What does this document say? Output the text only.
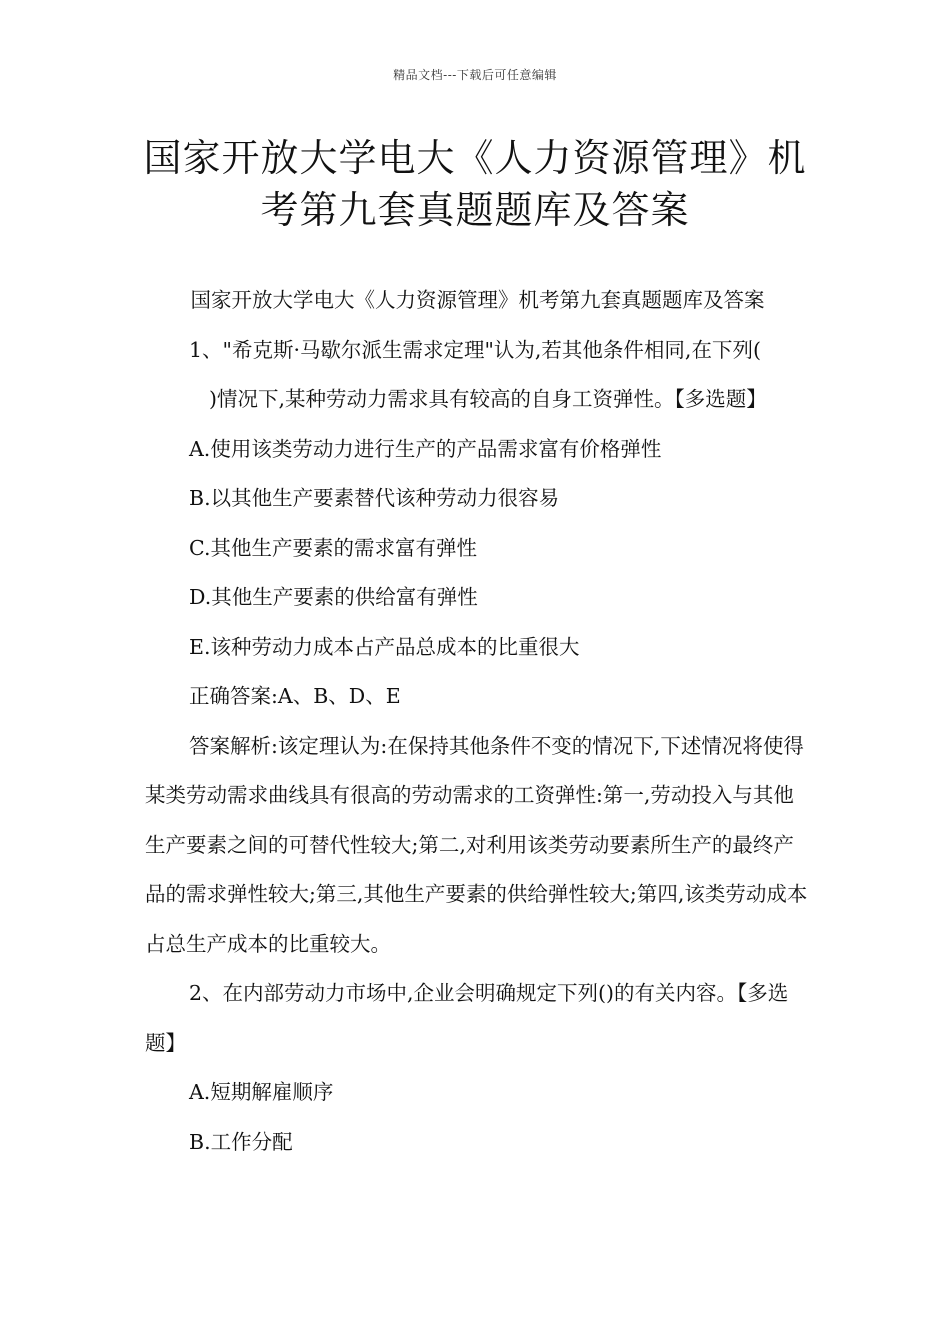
精品文档---下载后可任意编辑
国家开放大学电大《人力资源管理》机
考第九套真题题库及答案

国家开放大学电大《人力资源管理》机考第九套真题题库及答案

1、"希克斯·马歇尔派生需求定理"认为,若其他条件相同,在下列()情况下,某种劳动力需求具有较高的自身工资弹性。【多选题】

A.使用该类劳动力进行生产的产品需求富有价格弹性

B.以其他生产要素替代该种劳动力很容易

C.其他生产要素的需求富有弹性

D.其他生产要素的供给富有弹性

E.该种劳动力成本占产品总成本的比重很大

正确答案:A、B、D、E

答案解析:该定理认为:在保持其他条件不变的情况下,下述情况将使得某类劳动需求曲线具有很高的劳动需求的工资弹性:第一,劳动投入与其他生产要素之间的可替代性较大;第二,对利用该类劳动要素所生产的最终产品的需求弹性较大;第三,其他生产要素的供给弹性较大;第四,该类劳动成本占总生产成本的比重较大。

2、在内部劳动力市场中,企业会明确规定下列()的有关内容。【多选题】

A.短期解雇顺序

B.工作分配
